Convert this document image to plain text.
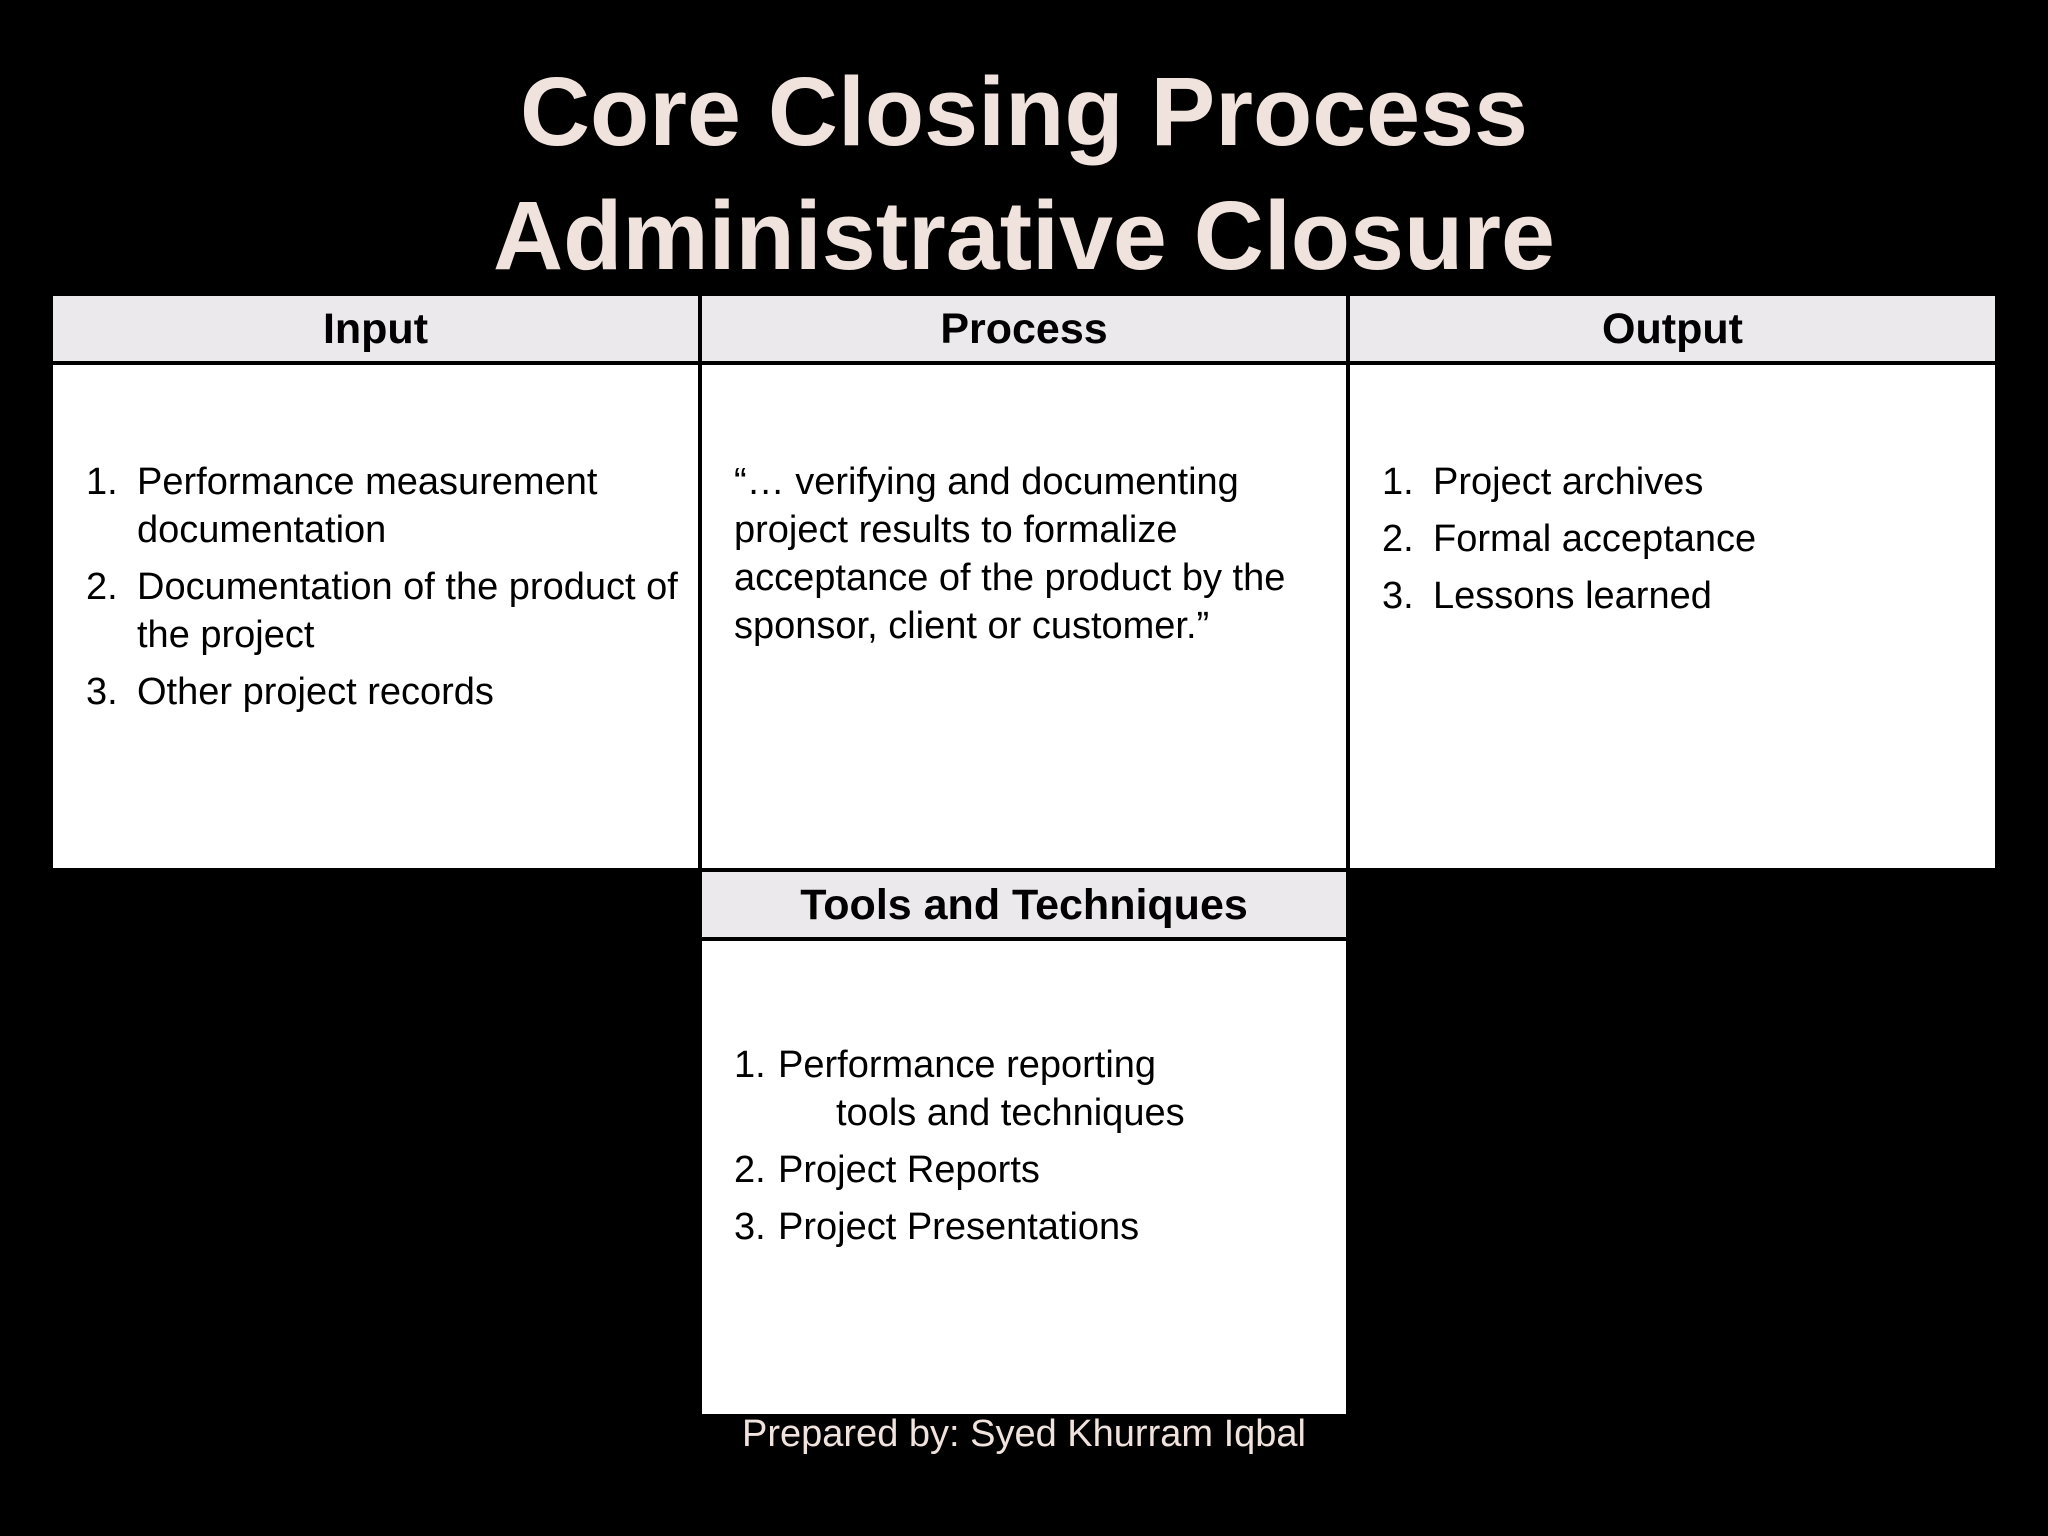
Core Closing Process
Administrative Closure
Input
1. Performance measurement documentation
2. Documentation of the product of the project
3. Other project records
Process
“… verifying and documenting project results to formalize acceptance of the product by the sponsor, client or customer.”
Output
1. Project archives
2. Formal acceptance
3. Lessons learned
Tools and Techniques
1. Performance reporting
tools and techniques
2. Project Reports
3. Project Presentations
Prepared by: Syed Khurram Iqbal
